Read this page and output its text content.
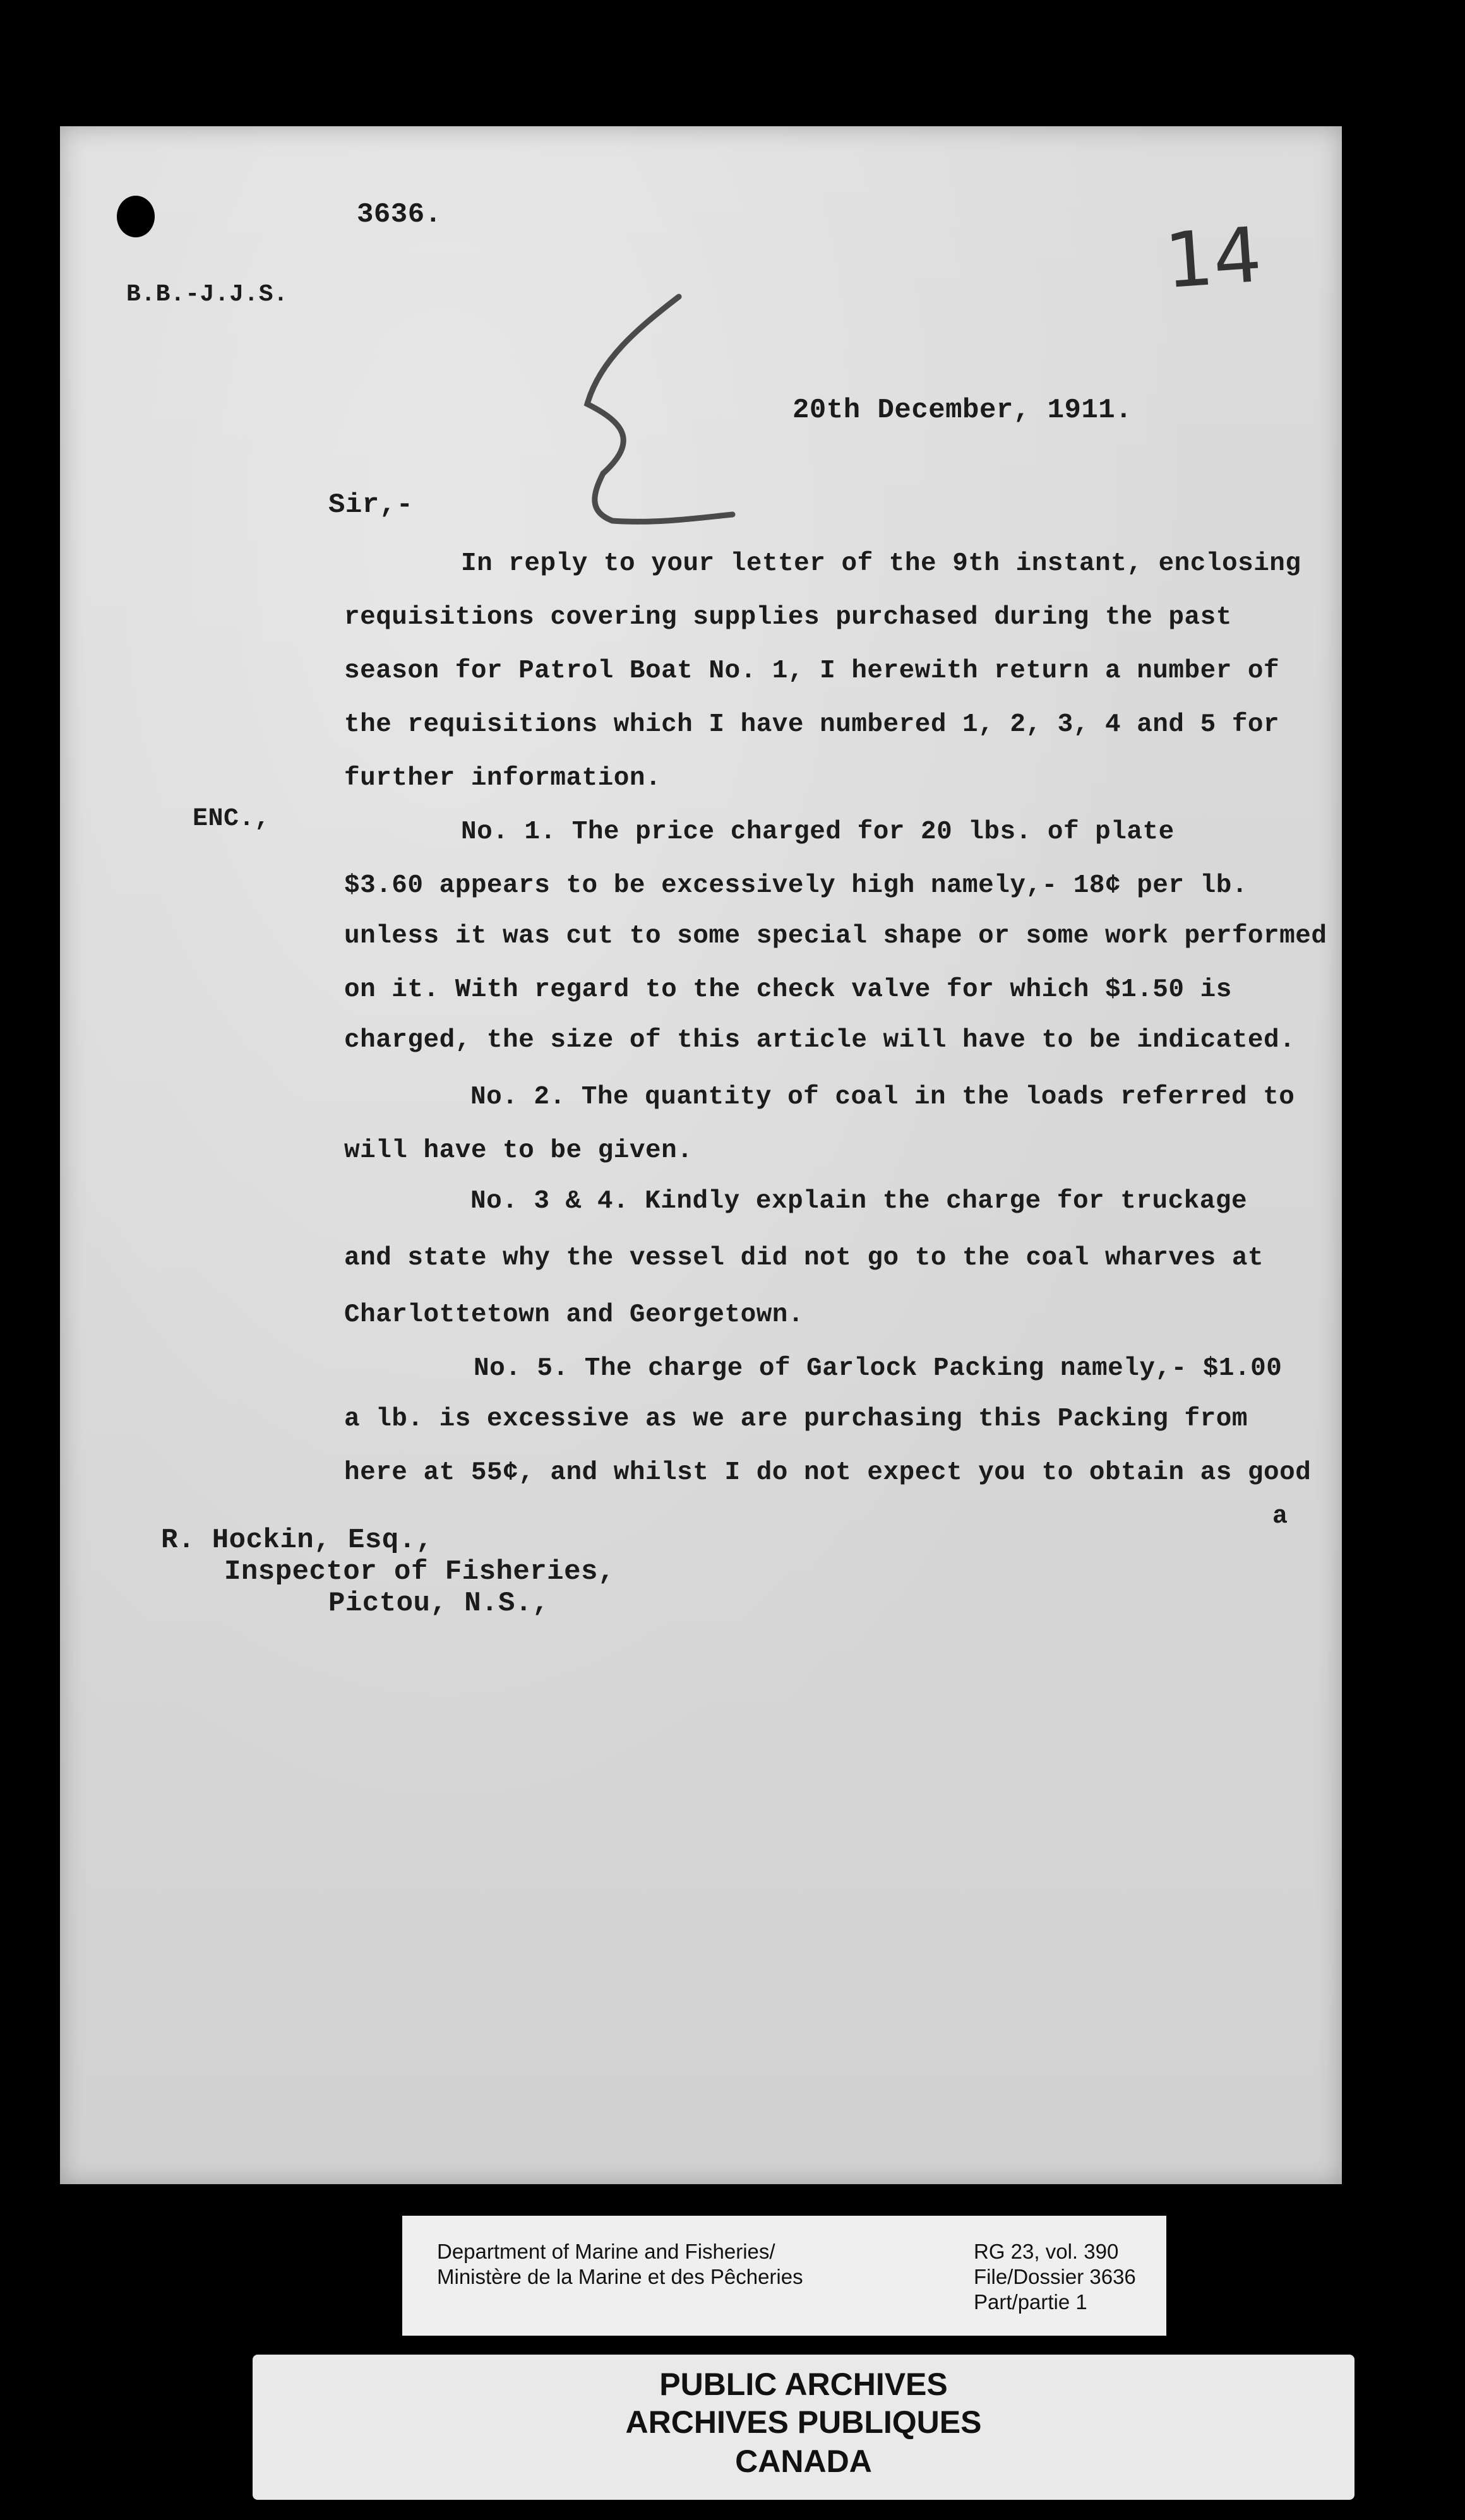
3636.
B.B.-J.J.S.	14
20th December, 1911.
Sir,-
ENC.,
In reply to your letter of the 9th instant, enclosing
requisitions covering supplies purchased during the past
season for Patrol Boat No. 1, I herewith return a number of
the requisitions which I have numbered 1, 2, 3, 4 and 5 for
further information.
No. 1. The price charged for 20 lbs. of plate
$3.60 appears to be excessively high namely,- 18¢ per lb.
unless it was cut to some special shape or some work performed
on it. With regard to the check valve for which $1.50 is
charged, the size of this article will have to be indicated.
No. 2. The quantity of coal in the loads referred to
will have to be given.
No. 3 & 4. Kindly explain the charge for truckage
and state why the vessel did not go to the coal wharves at
Charlottetown and Georgetown.
No. 5. The charge of Garlock Packing namely,- $1.00
a lb. is excessive as we are purchasing this Packing from
here at 55¢, and whilst I do not expect you to obtain as good
a
R. Hockin, Esq.,
Inspector of Fisheries,
Pictou, N.S.,
Department of Marine and Fisheries/
Ministère de la Marine et des Pêcheries
RG 23, vol. 390
File/Dossier 3636
Part/partie 1
PUBLIC ARCHIVES
ARCHIVES PUBLIQUES
CANADA
